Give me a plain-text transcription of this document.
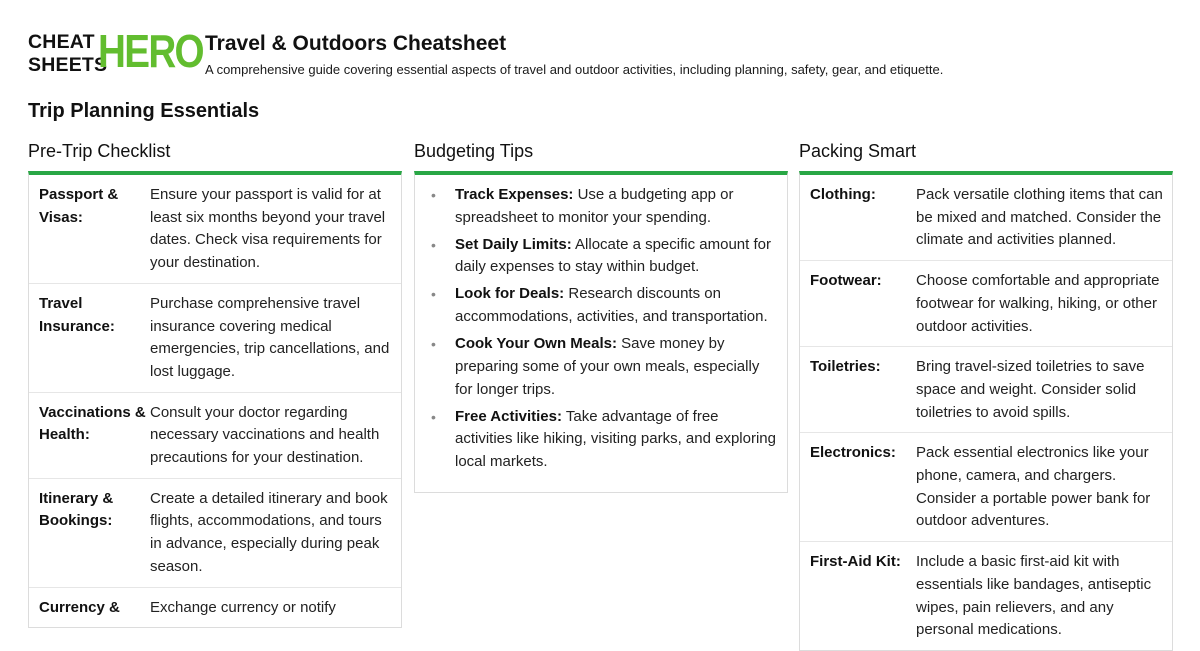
CHEAT
SHEETS
HERO Travel & Outdoors Cheatsheet
A comprehensive guide covering essential aspects of travel and outdoor activities, including planning, safety, gear, and etiquette.
Trip Planning Essentials
Pre-Trip Checklist
Passport & Visas:
Ensure your passport is valid for at least six months beyond your travel dates. Check visa requirements for your destination.
Travel Insurance:
Purchase comprehensive travel insurance covering medical emergencies, trip cancellations, and lost luggage.
Vaccinations & Health:
Consult your doctor regarding necessary vaccinations and health precautions for your destination.
Itinerary & Bookings:
Create a detailed itinerary and book flights, accommodations, and tours in advance, especially during peak season.
Currency &	Exchange currency or notify
Budgeting Tips
• Track Expenses: Use a budgeting app or spreadsheet to monitor your spending.
• Set Daily Limits: Allocate a specific amount for daily expenses to stay within budget.
• Look for Deals: Research discounts on accommodations, activities, and transportation.
• Cook Your Own Meals: Save money by preparing some of your own meals, especially for longer trips.
• Free Activities: Take advantage of free activities like hiking, visiting parks, and exploring local markets.
Packing Smart
Clothing:	Pack versatile clothing items that can be mixed and matched. Consider the climate and activities planned.
Footwear:	Choose comfortable and appropriate footwear for walking, hiking, or other outdoor activities.
Toiletries:	Bring travel-sized toiletries to save space and weight. Consider solid toiletries to avoid spills.
Electronics:	Pack essential electronics like your phone, camera, and chargers. Consider a portable power bank for outdoor adventures.
First-Aid Kit:	Include a basic first-aid kit with essentials like bandages, antiseptic wipes, pain relievers, and any personal medications.
